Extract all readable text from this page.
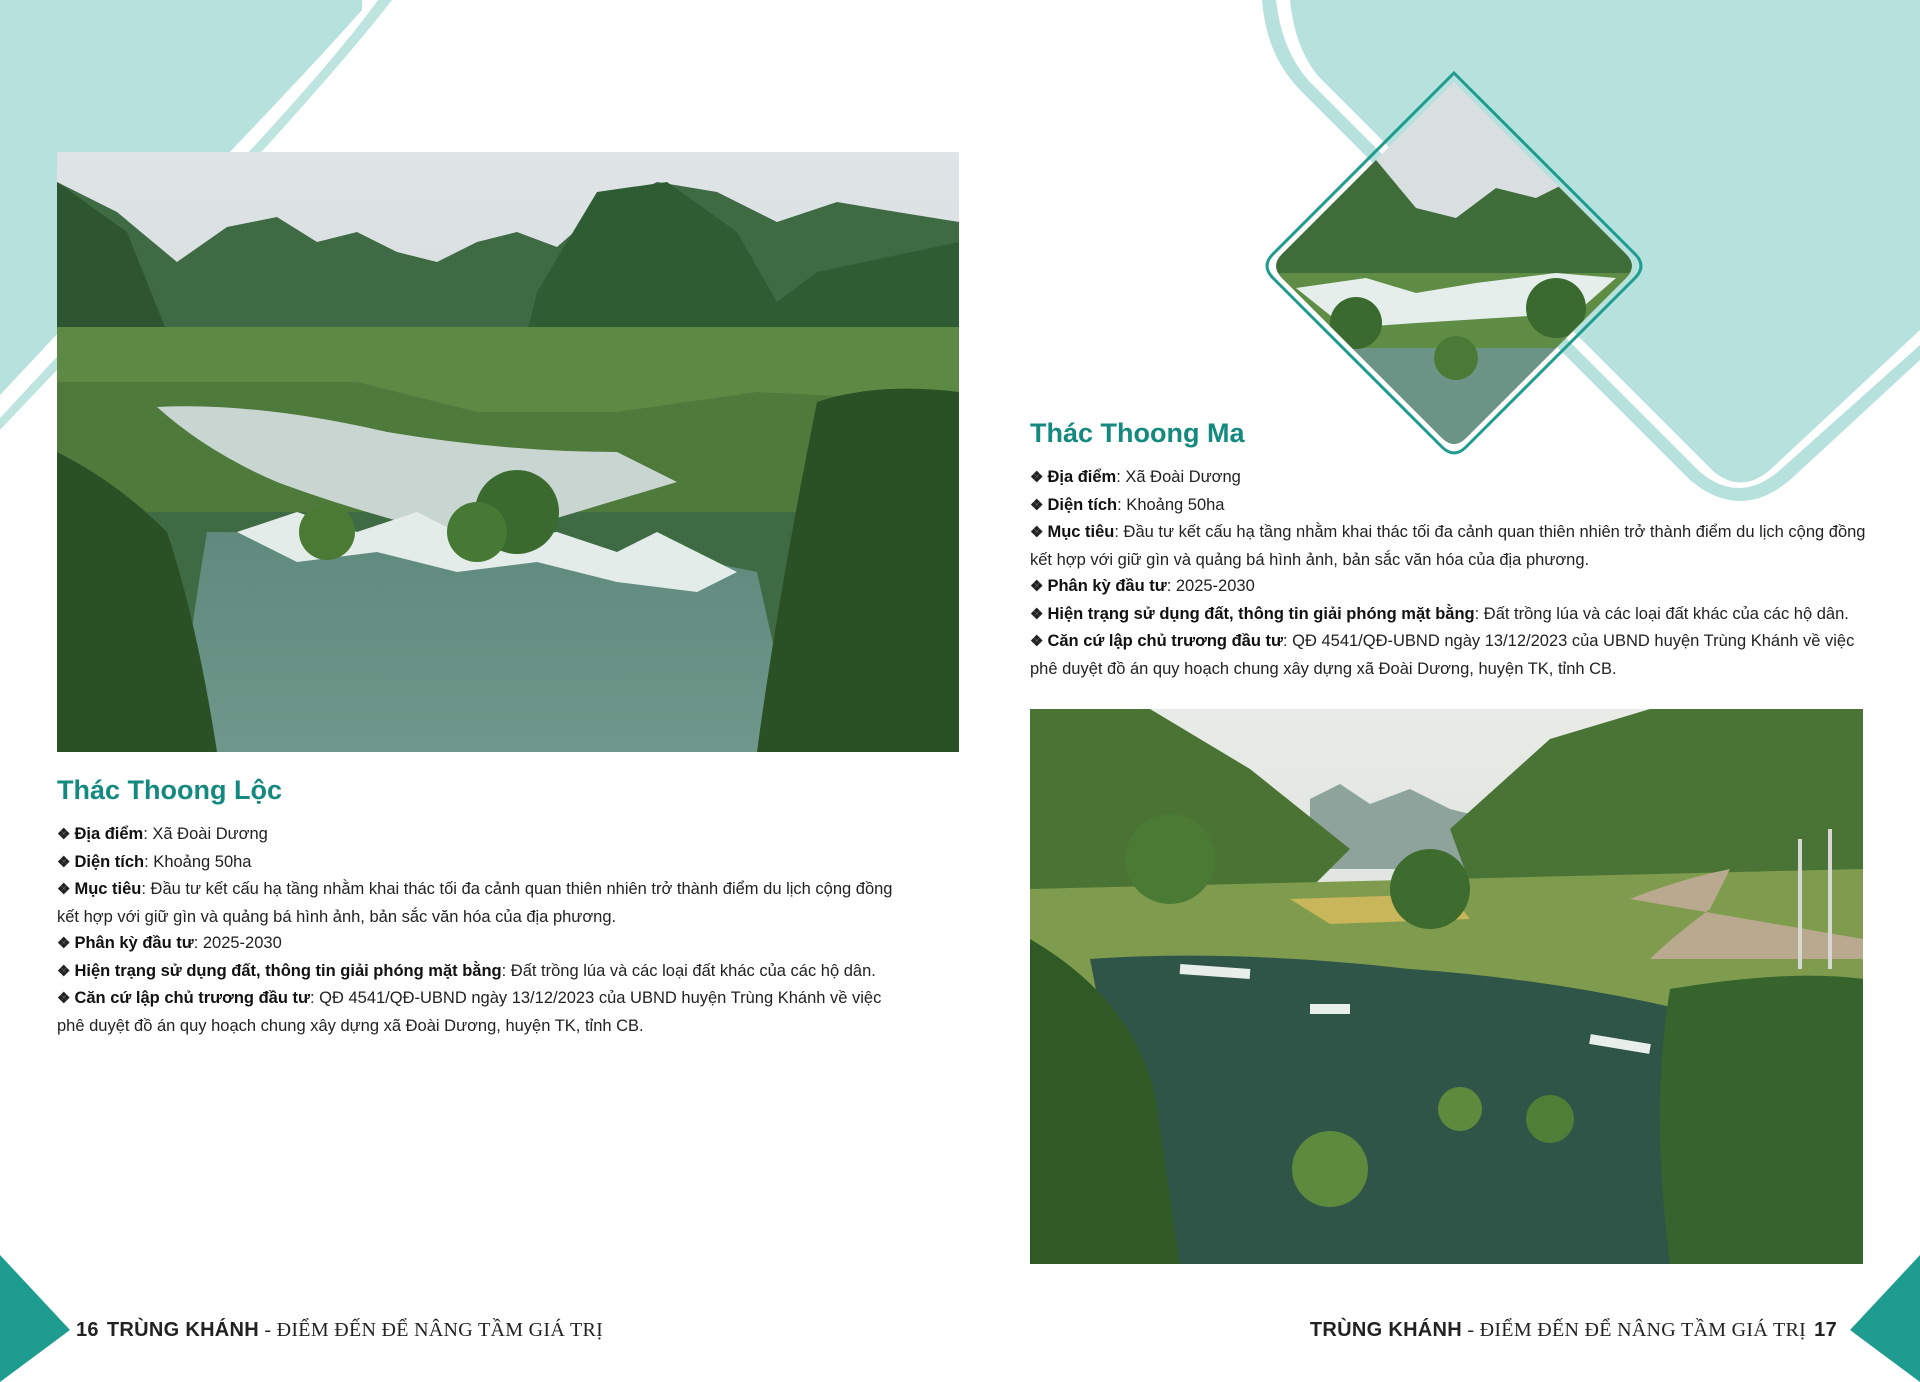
Thác Thoong Lộc
❖ Địa điểm: Xã Đoài Dương
❖ Diện tích: Khoảng 50ha
❖ Mục tiêu: Đầu tư kết cấu hạ tầng nhằm khai thác tối đa cảnh quan thiên nhiên trở thành điểm du lịch cộng đồng kết hợp với giữ gìn và quảng bá hình ảnh, bản sắc văn hóa của địa phương.
❖ Phân kỳ đầu tư: 2025-2030
❖ Hiện trạng sử dụng đất, thông tin giải phóng mặt bằng: Đất trồng lúa và các loại đất khác của các hộ dân.
❖ Căn cứ lập chủ trương đầu tư: QĐ 4541/QĐ-UBND ngày 13/12/2023 của UBND huyện Trùng Khánh về việc phê duyệt đồ án quy hoạch chung xây dựng xã Đoài Dương, huyện TK, tỉnh CB.
Thác Thoong Ma
❖ Địa điểm: Xã Đoài Dương
❖ Diện tích: Khoảng 50ha
❖ Mục tiêu: Đầu tư kết cấu hạ tầng nhằm khai thác tối đa cảnh quan thiên nhiên trở thành điểm du lịch cộng đồng kết hợp với giữ gìn và quảng bá hình ảnh, bản sắc văn hóa của địa phương.
❖ Phân kỳ đầu tư: 2025-2030
❖ Hiện trạng sử dụng đất, thông tin giải phóng mặt bằng: Đất trồng lúa và các loại đất khác của các hộ dân.
❖ Căn cứ lập chủ trương đầu tư: QĐ 4541/QĐ-UBND ngày 13/12/2023 của UBND huyện Trùng Khánh về việc phê duyệt đồ án quy hoạch chung xây dựng xã Đoài Dương, huyện TK, tỉnh CB.
16 TRÙNG KHÁNH - ĐIỂM ĐẾN ĐỂ NÂNG TẦM GIÁ TRỊ	TRÙNG KHÁNH - ĐIỂM ĐẾN ĐỂ NÂNG TẦM GIÁ TRỊ 17
